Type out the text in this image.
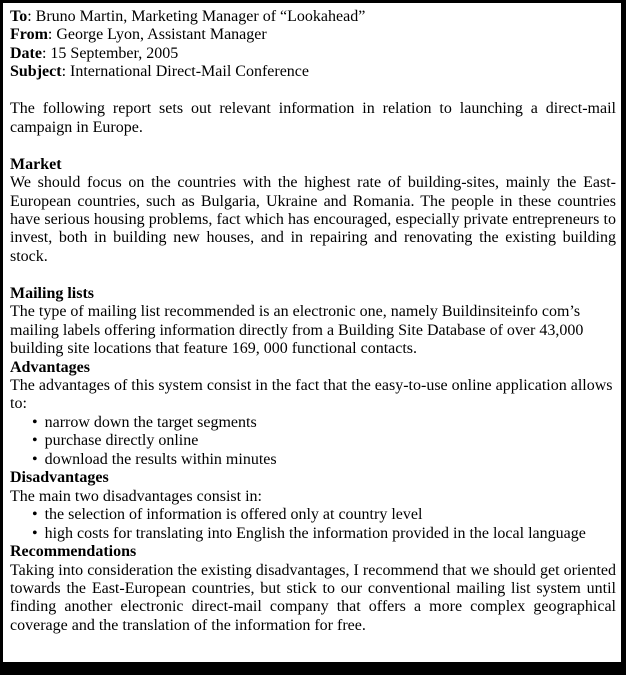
To: Bruno Martin, Marketing Manager of “Lookahead”

From: George Lyon, Assistant Manager

Date: 15 September, 2005

Subject: International Direct-Mail Conference

The following report sets out relevant information in relation to launching a direct-mail campaign in Europe.

Market

We should focus on the countries with the highest rate of building-sites, mainly the East-European countries, such as Bulgaria, Ukraine and Romania. The people in these countries have serious housing problems, fact which has encouraged, especially private entrepreneurs to invest, both in building new houses, and in repairing and renovating the existing building stock.

Mailing lists

The type of mailing list recommended is an electronic one, namely Buildinsiteinfo com’s mailing labels offering information directly from a Building Site Database of over 43,000 building site locations that feature 169, 000 functional contacts.

Advantages

The advantages of this system consist in the fact that the easy-to-use online application allows to:

• narrow down the target segments

• purchase directly online

• download the results within minutes

Disadvantages

The main two disadvantages consist in:

• the selection of information is offered only at country level

• high costs for translating into English the information provided in the local language

Recommendations

Taking into consideration the existing disadvantages, I recommend that we should get oriented towards the East-European countries, but stick to our conventional mailing list system until finding another electronic direct-mail company that offers a more complex geographical coverage and the translation of the information for free.
